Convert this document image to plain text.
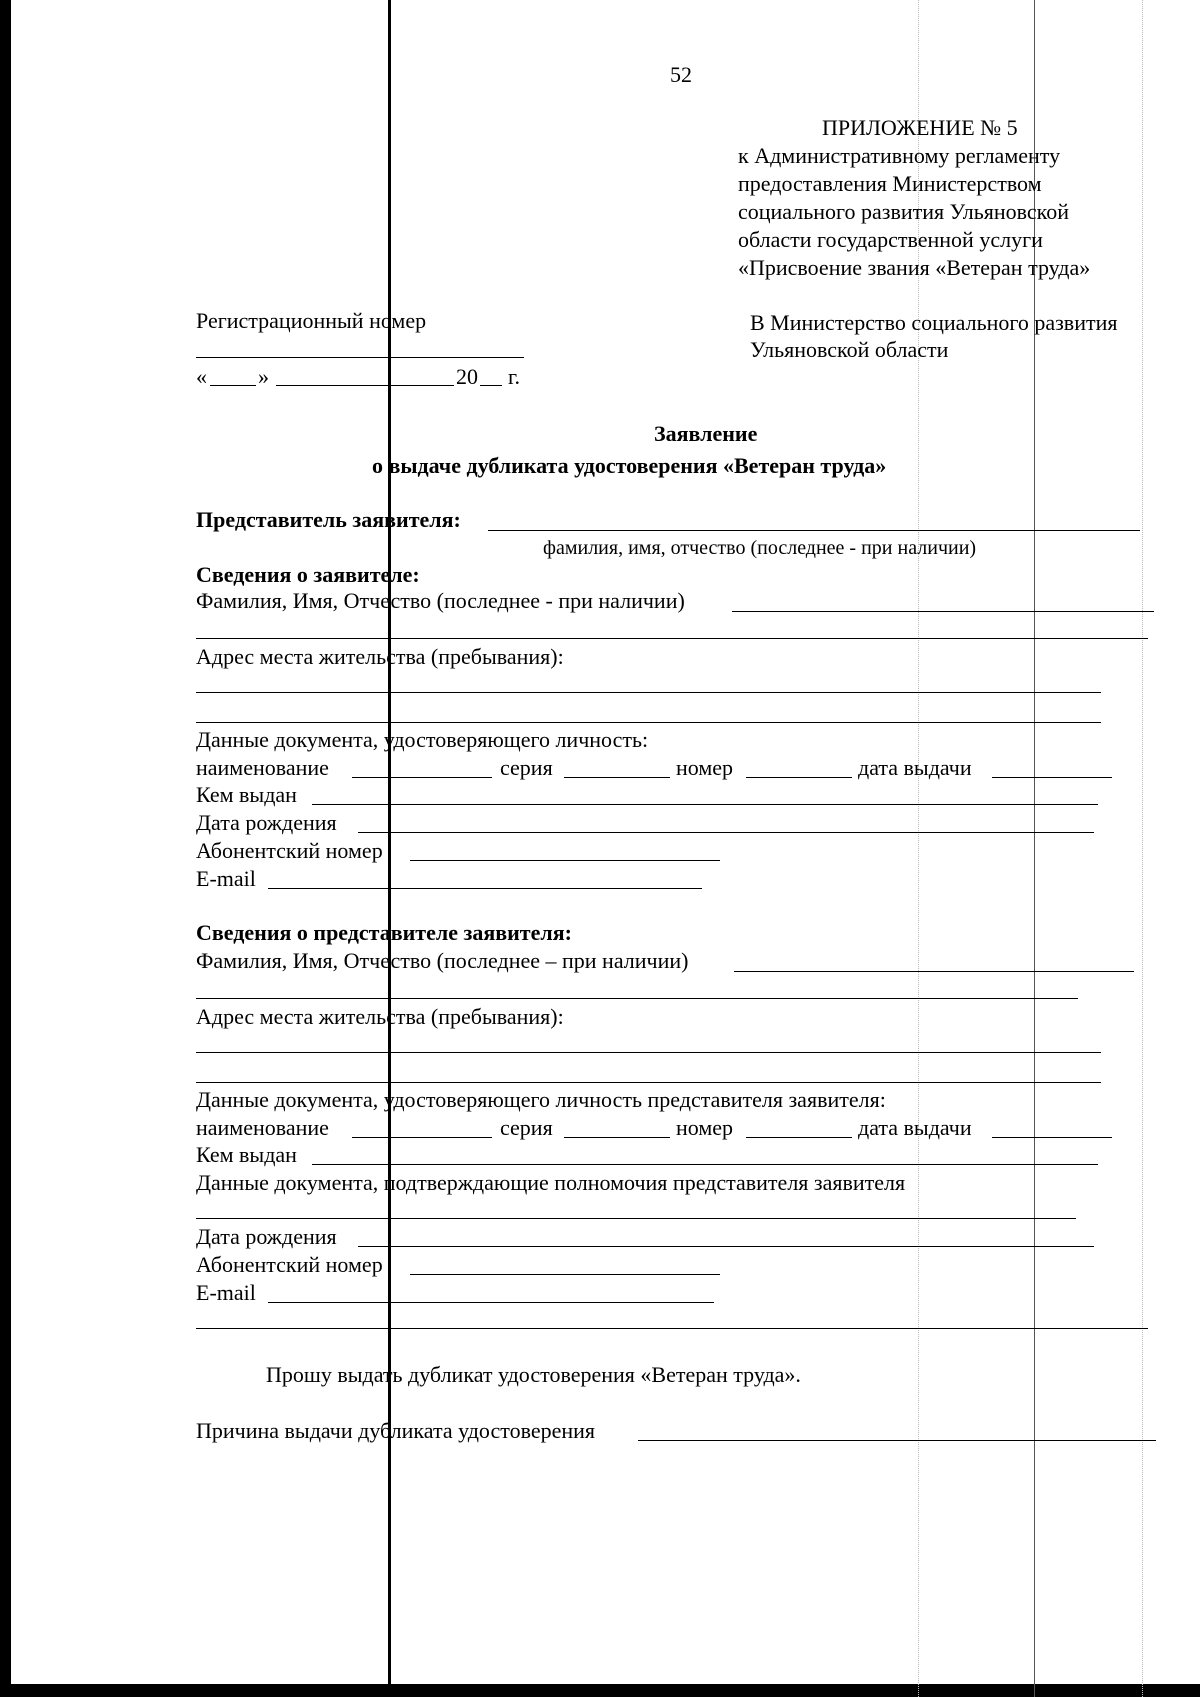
52
ПРИЛОЖЕНИЕ № 5
к Административному регламенту
предоставления Министерством
социального развития Ульяновской
области государственной услуги
«Присвоение звания «Ветеран труда»
Регистрационный номер
« »	20 г.
В Министерство социального развития
Ульяновской области
Заявление
о выдаче дубликата удостоверения «Ветеран труда»
Представитель заявителя:
фамилия, имя, отчество (последнее - при наличии)
Сведения о заявителе:
Фамилия, Имя, Отчество (последнее - при наличии)
Адрес места жительства (пребывания):
Данные документа, удостоверяющего личность:
наименование	серия	номер	дата выдачи
Кем выдан
Дата рождения
Абонентский номер
E-mail
Сведения о представителе заявителя:
Фамилия, Имя, Отчество (последнее – при наличии)
Адрес места жительства (пребывания):
Данные документа, удостоверяющего личность представителя заявителя:
наименование	серия	номер	дата выдачи
Кем выдан
Данные документа, подтверждающие полномочия представителя заявителя
Дата рождения
Абонентский номер
E-mail
Прошу выдать дубликат удостоверения «Ветеран труда».
Причина выдачи дубликата удостоверения
